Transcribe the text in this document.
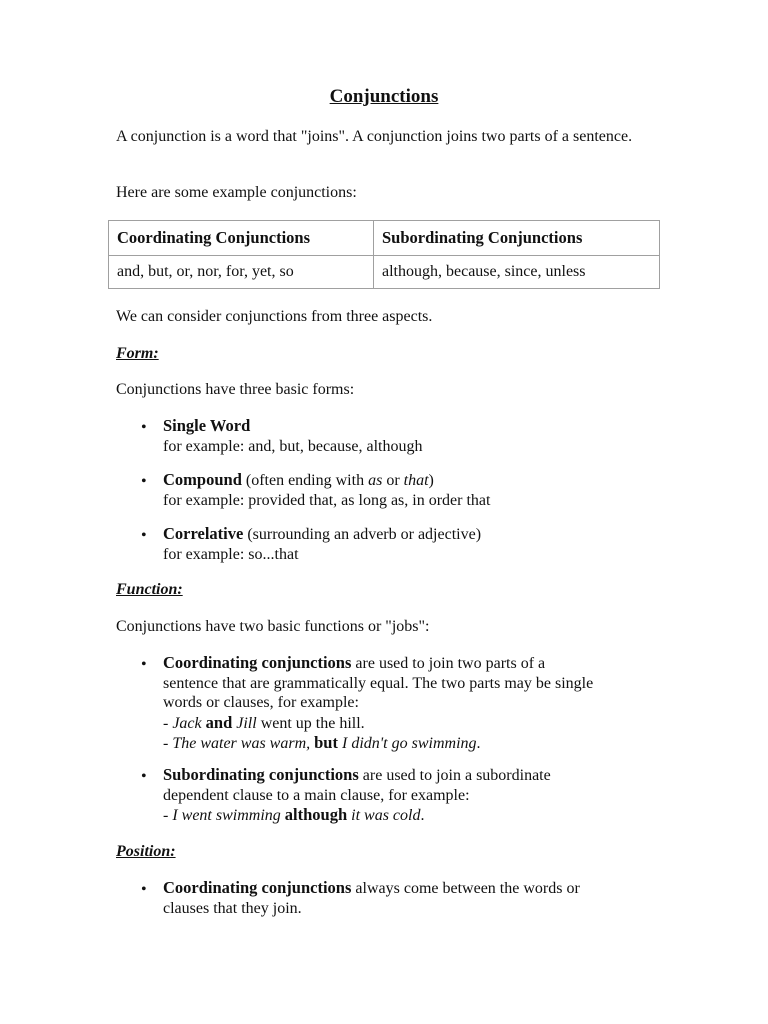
Conjunctions

A conjunction is a word that "joins". A conjunction joins two parts of a sentence.

Here are some example conjunctions:

Coordinating Conjunctions	Subordinating Conjunctions
and, but, or, nor, for, yet, so	although, because, since, unless

We can consider conjunctions from three aspects.

Form:

Conjunctions have three basic forms:

• Single Word
for example: and, but, because, although
• Compound (often ending with as or that)
for example: provided that, as long as, in order that
• Correlative (surrounding an adverb or adjective)
for example: so...that

Function:

Conjunctions have two basic functions or "jobs":

• Coordinating conjunctions are used to join two parts of a
sentence that are grammatically equal. The two parts may be single
words or clauses, for example:
- Jack and Jill went up the hill.
- The water was warm, but I didn't go swimming.
• Subordinating conjunctions are used to join a subordinate
dependent clause to a main clause, for example:
- I went swimming although it was cold.

Position:

• Coordinating conjunctions always come between the words or
clauses that they join.
